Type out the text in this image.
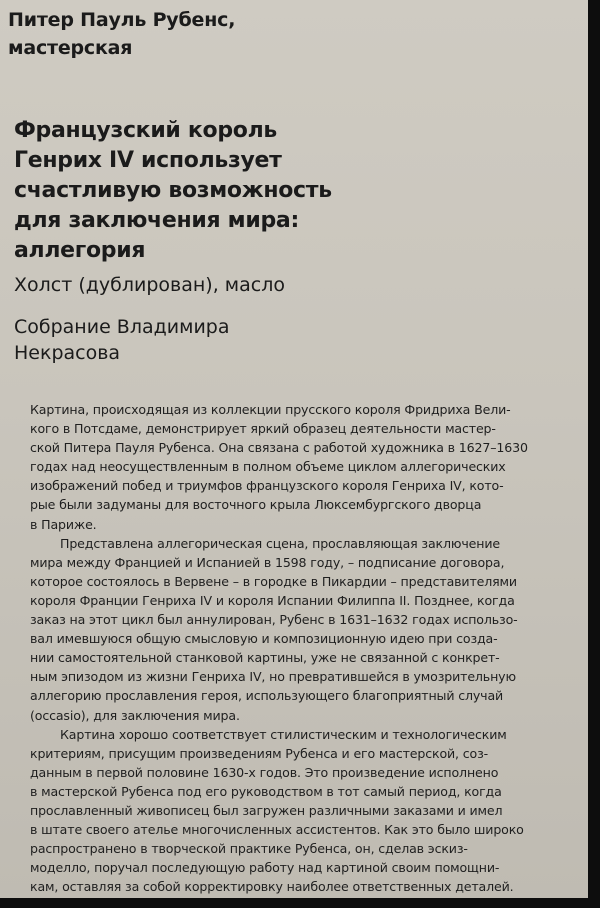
Питер Пауль Рубенс,
мастерская
Французский король
Генрих IV использует
счастливую возможность
для заключения мира:
аллегория
Холст (дублирован), масло
Собрание Владимира
Некрасова
Картина, происходящая из коллекции прусского короля Фридриха Вели-
кого в Потсдаме, демонстрирует яркий образец деятельности мастер-
ской Питера Пауля Рубенса. Она связана с работой художника в 1627–1630
годах над неосуществленным в полном объеме циклом аллегорических
изображений побед и триумфов французского короля Генриха IV, кото-
рые были задуманы для восточного крыла Люксембургского дворца
в Париже.
Представлена аллегорическая сцена, прославляющая заключение
мира между Францией и Испанией в 1598 году, – подписание договора,
которое состоялось в Вервене – в городке в Пикардии – представителями
короля Франции Генриха IV и короля Испании Филиппа II. Позднее, когда
заказ на этот цикл был аннулирован, Рубенс в 1631–1632 годах использо-
вал имевшуюся общую смысловую и композиционную идею при созда-
нии самостоятельной станковой картины, уже не связанной с конкрет-
ным эпизодом из жизни Генриха IV, но превратившейся в умозрительную
аллегорию прославления героя, использующего благоприятный случай
(occasio), для заключения мира.
Картина хорошо соответствует стилистическим и технологическим
критериям, присущим произведениям Рубенса и его мастерской, соз-
данным в первой половине 1630-х годов. Это произведение исполнено
в мастерской Рубенса под его руководством в тот самый период, когда
прославленный живописец был загружен различными заказами и имел
в штате своего ателье многочисленных ассистентов. Как это было широко
распространено в творческой практике Рубенса, он, сделав эскиз-
моделло, поручал последующую работу над картиной своим помощни-
кам, оставляя за собой корректировку наиболее ответственных деталей.
